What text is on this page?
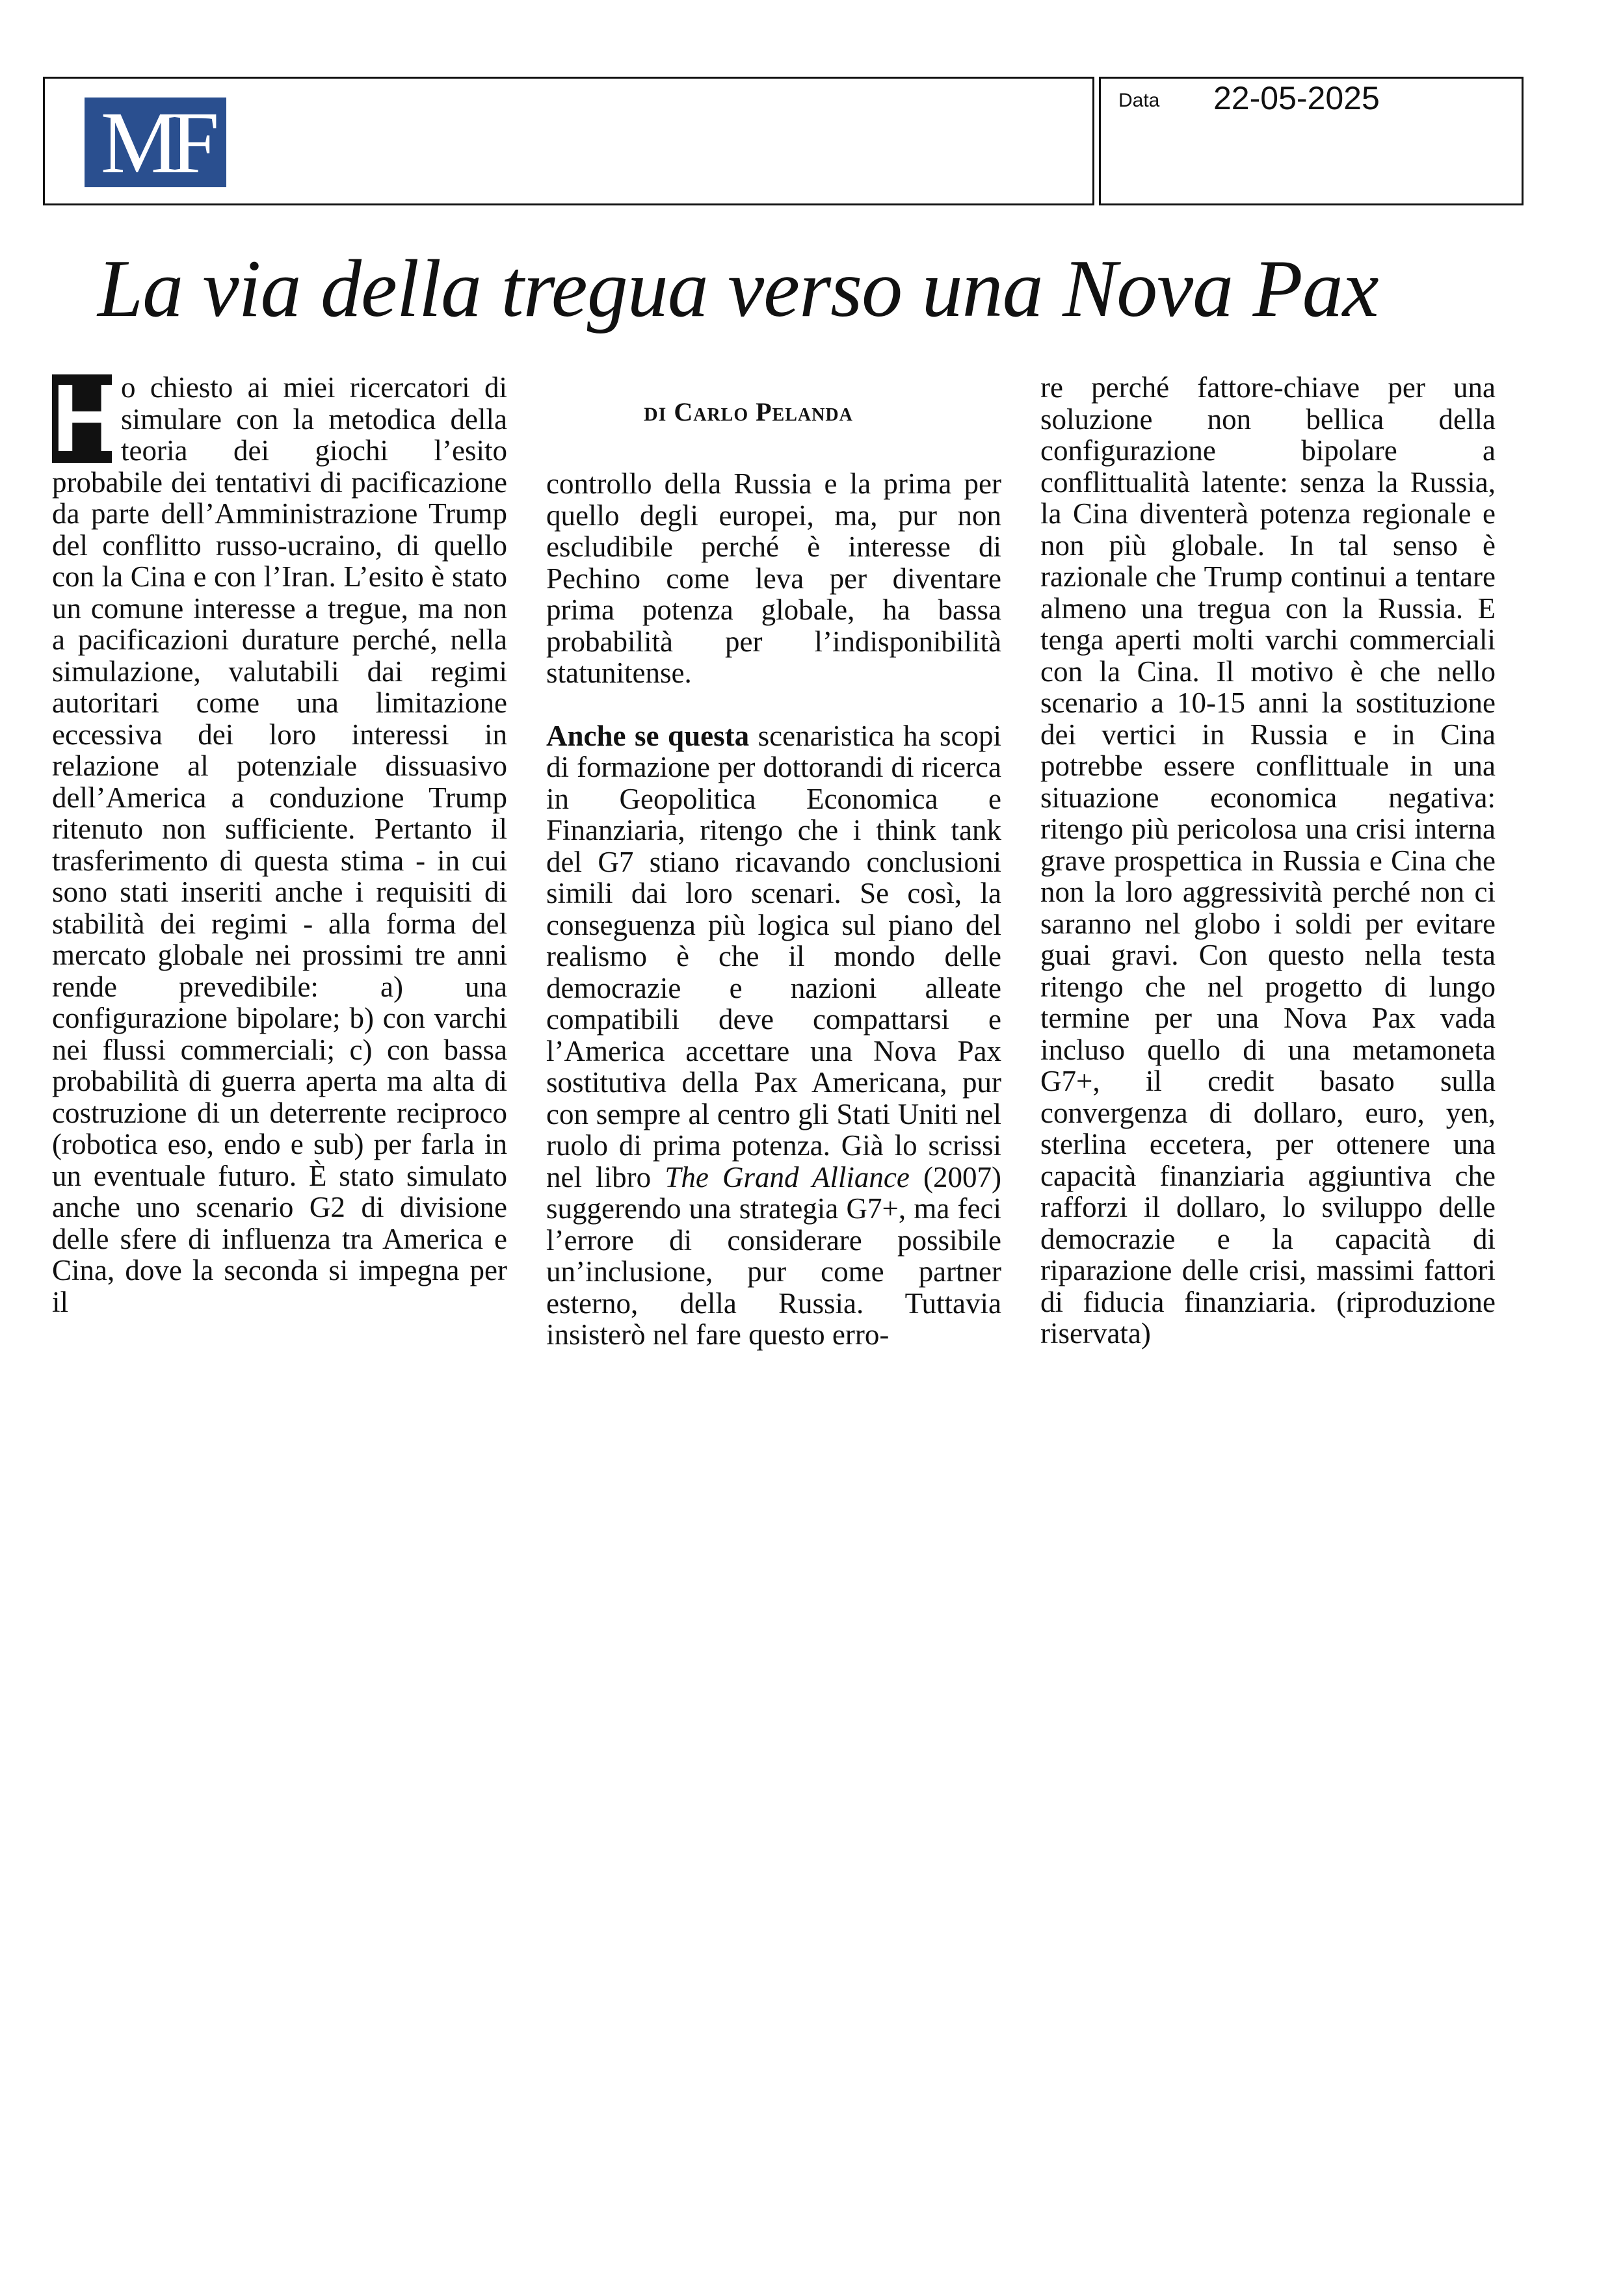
MF	Data 22-05-2025
La via della tregua verso una Nova Pax

H o chiesto ai miei ricercatori di simulare con la metodica della teoria dei giochi l’esito probabile dei tentativi di pacificazione da parte dell’Amministrazione Trump del conflitto russo-ucraino, di quello con la Cina e con l’Iran. L’esito è stato un comune interesse a tregue, ma non a pacificazioni durature perché, nella simulazione, valutabili dai regimi autoritari come una limitazione eccessiva dei loro interessi in relazione al potenziale dissuasivo dell’America a conduzione Trump ritenuto non sufficiente. Pertanto il trasferimento di questa stima - in cui sono stati inseriti anche i requisiti di stabilità dei regimi - alla forma del mercato globale nei prossimi tre anni rende prevedibile: a) una configurazione bipolare; b) con varchi nei flussi commerciali; c) con bassa probabilità di guerra aperta ma alta di costruzione di un deterrente reciproco (robotica eso, endo e sub) per farla in un eventuale futuro. È stato simulato anche uno scenario G2 di divisione delle sfere di influenza tra America e Cina, dove la seconda si impegna per il

DI Carlo Pelanda

controllo della Russia e la prima per quello degli europei, ma, pur non escludibile perché è interesse di Pechino come leva per diventare prima potenza globale, ha bassa probabilità per l’indisponibilità statunitense.

Anche se questa scenaristica ha scopi di formazione per dottorandi di ricerca in Geopolitica Economica e Finanziaria, ritengo che i think tank del G7 stiano ricavando conclusioni simili dai loro scenari. Se così, la conseguenza più logica sul piano del realismo è che il mondo delle democrazie e nazioni alleate compatibili deve compattarsi e l’America accettare una Nova Pax sostitutiva della Pax Americana, pur con sempre al centro gli Stati Uniti nel ruolo di prima potenza. Già lo scrissi nel libro The Grand Alliance (2007) suggerendo una strategia G7+, ma feci l’errore di considerare possibile un’inclusione, pur come partner esterno, della Russia. Tuttavia insisterò nel fare questo erro-

re perché fattore-chiave per una soluzione non bellica della configurazione bipolare a conflittualità latente: senza la Russia, la Cina diventerà potenza regionale e non più globale. In tal senso è razionale che Trump continui a tentare almeno una tregua con la Russia. E tenga aperti molti varchi commerciali con la Cina. Il motivo è che nello scenario a 10-15 anni la sostituzione dei vertici in Russia e in Cina potrebbe essere conflittuale in una situazione economica negativa: ritengo più pericolosa una crisi interna grave prospettica in Russia e Cina che non la loro aggressività perché non ci saranno nel globo i soldi per evitare guai gravi. Con questo nella testa ritengo che nel progetto di lungo termine per una Nova Pax vada incluso quello di una metamoneta G7+, il credit basato sulla convergenza di dollaro, euro, yen, sterlina eccetera, per ottenere una capacità finanziaria aggiuntiva che rafforzi il dollaro, lo sviluppo delle democrazie e la capacità di riparazione delle crisi, massimi fattori di fiducia finanziaria. (riproduzione riservata)
